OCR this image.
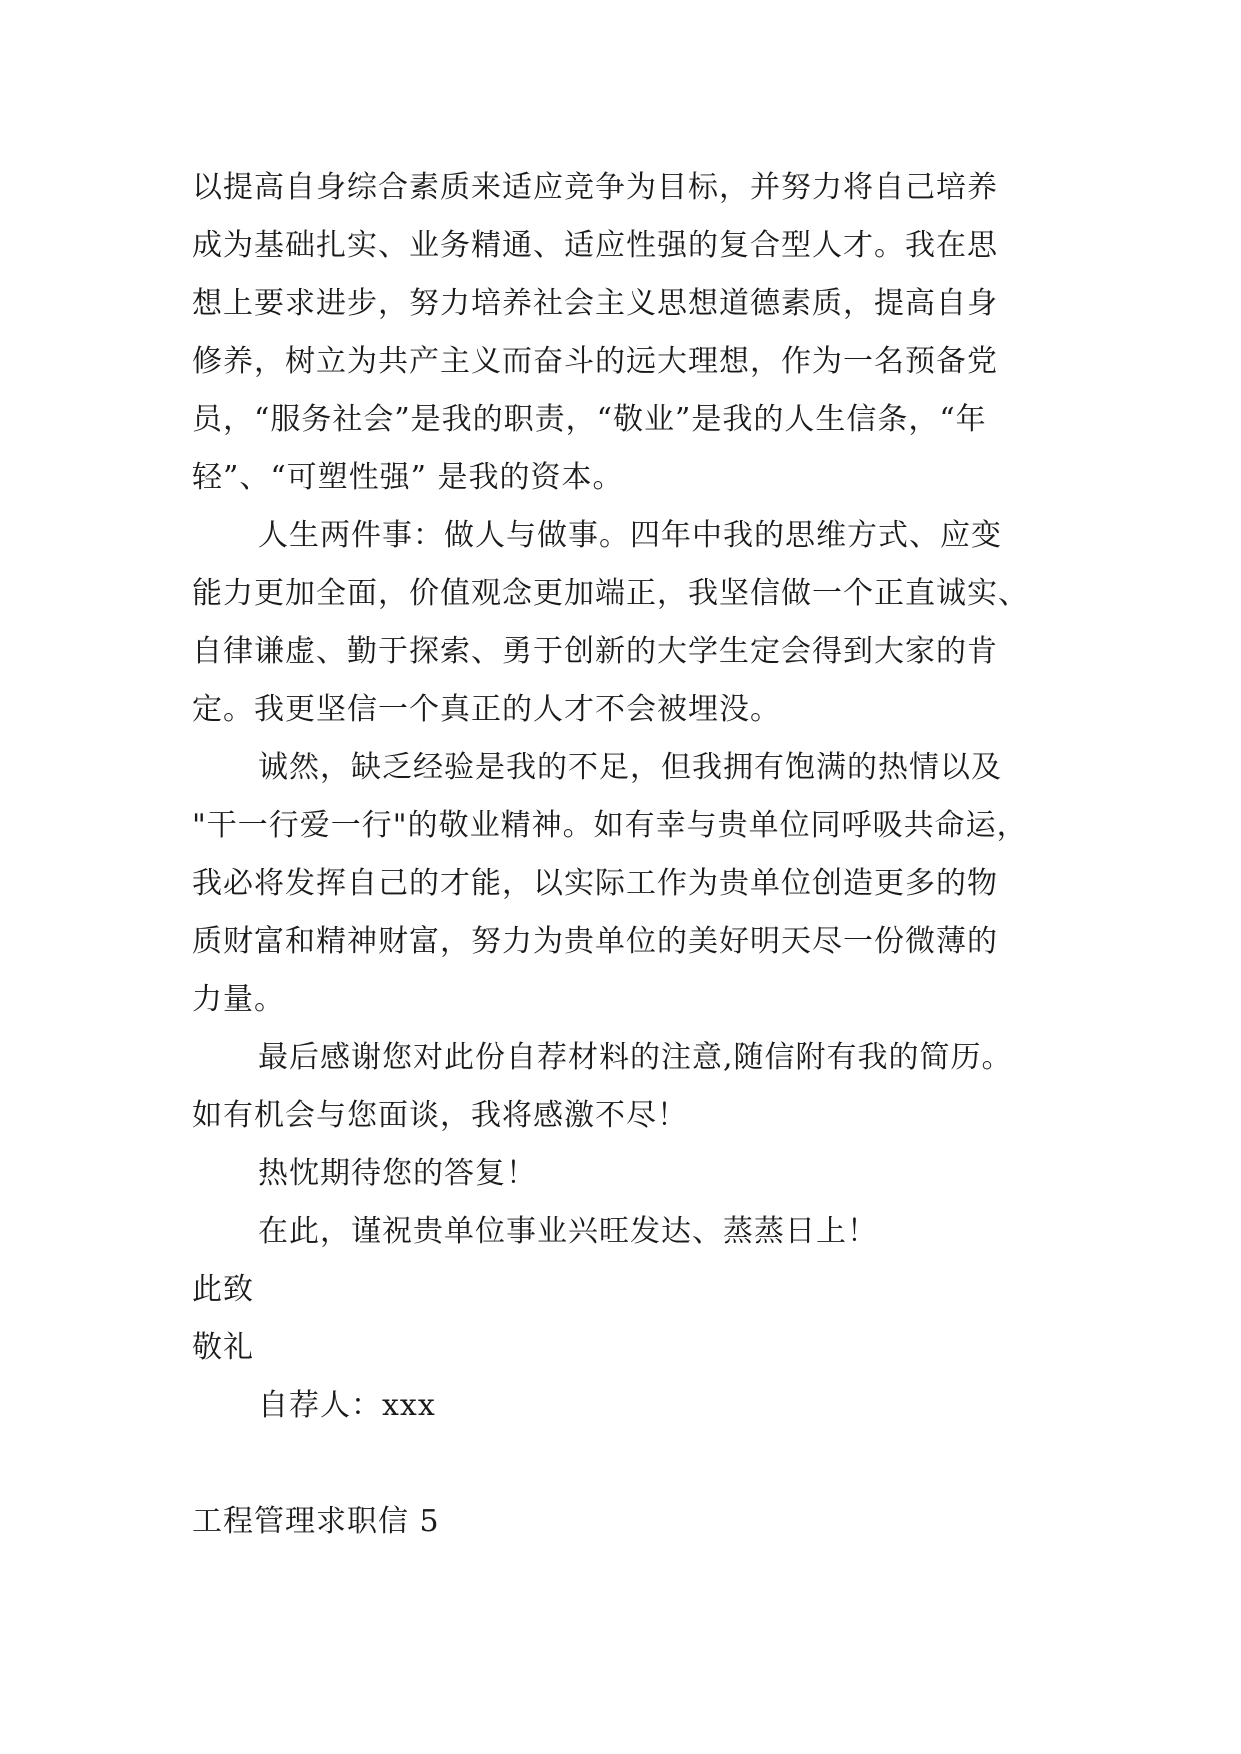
以提高自身综合素质来适应竞争为目标，并努力将自己培养
成为基础扎实、业务精通、适应性强的复合型人才。我在思
想上要求进步，努力培养社会主义思想道德素质，提高自身
修养，树立为共产主义而奋斗的远大理想，作为一名预备党
员，“服务社会”是我的职责，“敬业”是我的人生信条，“年
轻”、“可塑性强” 是我的资本。
人生两件事：做人与做事。四年中我的思维方式、应变
能力更加全面，价值观念更加端正，我坚信做一个正直诚实、
自律谦虚、勤于探索、勇于创新的大学生定会得到大家的肯
定。我更坚信一个真正的人才不会被埋没。
诚然，缺乏经验是我的不足，但我拥有饱满的热情以及
"干一行爱一行"的敬业精神。如有幸与贵单位同呼吸共命运，
我必将发挥自己的才能，以实际工作为贵单位创造更多的物
质财富和精神财富，努力为贵单位的美好明天尽一份微薄的
力量。
最后感谢您对此份自荐材料的注意,随信附有我的简历。
如有机会与您面谈，我将感激不尽！
热忱期待您的答复！
在此，谨祝贵单位事业兴旺发达、蒸蒸日上！
此致
敬礼
自荐人：xxx
工程管理求职信 5
